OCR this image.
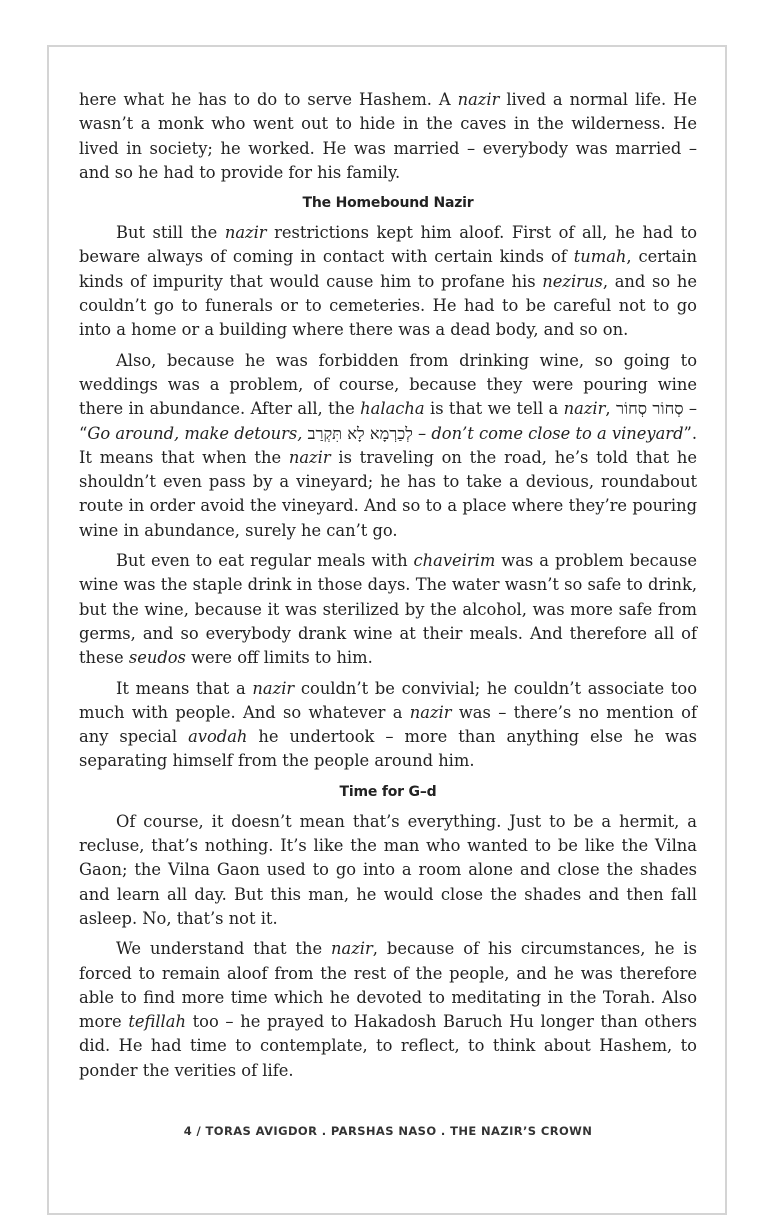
here what he has to do to serve Hashem. A nazir lived a normal life. He wasn’t a monk who went out to hide in the caves in the wilderness. He lived in society; he worked. He was married – everybody was married – and so he had to provide for his family.

The Homebound Nazir

But still the nazir restrictions kept him aloof. First of all, he had to beware always of coming in contact with certain kinds of tumah, certain kinds of impurity that would cause him to profane his nezirus, and so he couldn’t go to funerals or to cemeteries. He had to be careful not to go into a home or a building where there was a dead body, and so on.

Also, because he was forbidden from drinking wine, so going to weddings was a problem, of course, because they were pouring wine there in abundance. After all, the halacha is that we tell a nazir, סְחוֹר סְחוֹר – “Go around, make detours, לְכַרְמָא לָא תִּקְרַב – don’t come close to a vineyard”. It means that when the nazir is traveling on the road, he’s told that he shouldn’t even pass by a vineyard; he has to take a devious, roundabout route in order avoid the vineyard. And so to a place where they’re pouring wine in abundance, surely he can’t go.

But even to eat regular meals with chaveirim was a problem because wine was the staple drink in those days. The water wasn’t so safe to drink, but the wine, because it was sterilized by the alcohol, was more safe from germs, and so everybody drank wine at their meals. And therefore all of these seudos were off limits to him.

It means that a nazir couldn’t be convivial; he couldn’t associate too much with people. And so whatever a nazir was – there’s no mention of any special avodah he undertook – more than anything else he was separating himself from the people around him.

Time for G–d

Of course, it doesn’t mean that’s everything. Just to be a hermit, a recluse, that’s nothing. It’s like the man who wanted to be like the Vilna Gaon; the Vilna Gaon used to go into a room alone and close the shades and learn all day. But this man, he would close the shades and then fall asleep. No, that’s not it.

We understand that the nazir, because of his circumstances, he is forced to remain aloof from the rest of the people, and he was therefore able to find more time which he devoted to meditating in the Torah. Also more tefillah too – he prayed to Hakadosh Baruch Hu longer than others did. He had time to contemplate, to reflect, to think about Hashem, to ponder the verities of life.

4 / TORAS AVIGDOR . PARSHAS NASO . THE NAZIR’S CROWN
